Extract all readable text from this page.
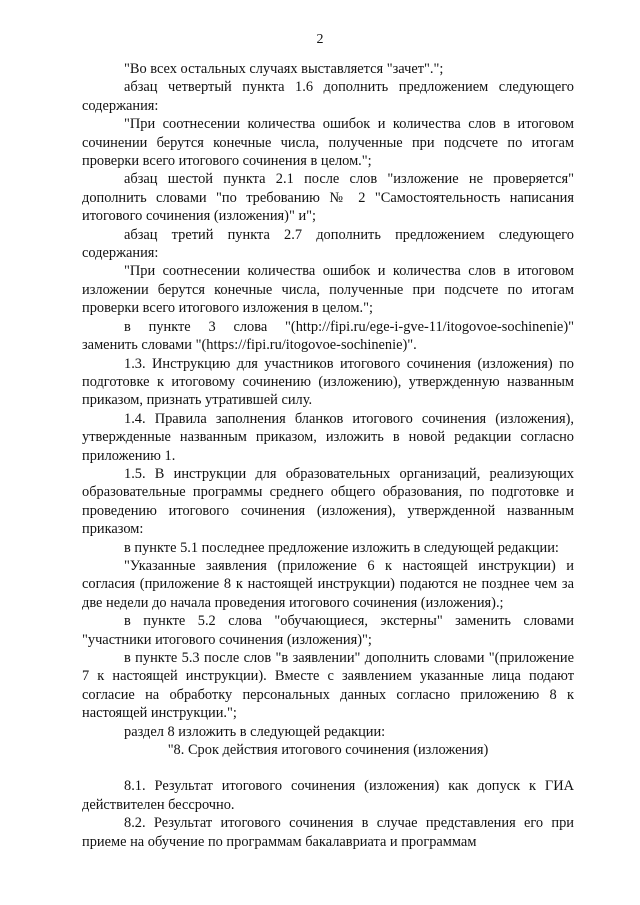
2

"Во всех остальных случаях выставляется "зачет".";

абзац четвертый пункта 1.6 дополнить предложением следующего содержания:

"При соотнесении количества ошибок и количества слов в итоговом сочинении берутся конечные числа, полученные при подсчете по итогам проверки всего итогового сочинения в целом.";

абзац шестой пункта 2.1 после слов "изложение не проверяется" дополнить словами "по требованию № 2 "Самостоятельность написания итогового сочинения (изложения)" и";

абзац третий пункта 2.7 дополнить предложением следующего содержания:

"При соотнесении количества ошибок и количества слов в итоговом изложении берутся конечные числа, полученные при подсчете по итогам проверки всего итогового изложения в целом.";

в пункте 3 слова "(http://fipi.ru/ege-i-gve-11/itogovoe-sochinenie)" заменить словами "(https://fipi.ru/itogovoe-sochinenie)".

1.3. Инструкцию для участников итогового сочинения (изложения) по подготовке к итоговому сочинению (изложению), утвержденную названным приказом, признать утратившей силу.

1.4. Правила заполнения бланков итогового сочинения (изложения), утвержденные названным приказом, изложить в новой редакции согласно приложению 1.

1.5. В инструкции для образовательных организаций, реализующих образовательные программы среднего общего образования, по подготовке и проведению итогового сочинения (изложения), утвержденной названным приказом:

в пункте 5.1 последнее предложение изложить в следующей редакции:

"Указанные заявления (приложение 6 к настоящей инструкции) и согласия (приложение 8 к настоящей инструкции) подаются не позднее чем за две недели до начала проведения итогового сочинения (изложения).;

в пункте 5.2 слова "обучающиеся, экстерны" заменить словами "участники итогового сочинения (изложения)";

в пункте 5.3 после слов "в заявлении" дополнить словами "(приложение 7 к настоящей инструкции). Вместе с заявлением указанные лица подают согласие на обработку персональных данных согласно приложению 8 к настоящей инструкции.";

раздел 8 изложить в следующей редакции:

"8. Срок действия итогового сочинения (изложения)

8.1. Результат итогового сочинения (изложения) как допуск к ГИА действителен бессрочно.

8.2. Результат итогового сочинения в случае представления его при приеме на обучение по программам бакалавриата и программам
